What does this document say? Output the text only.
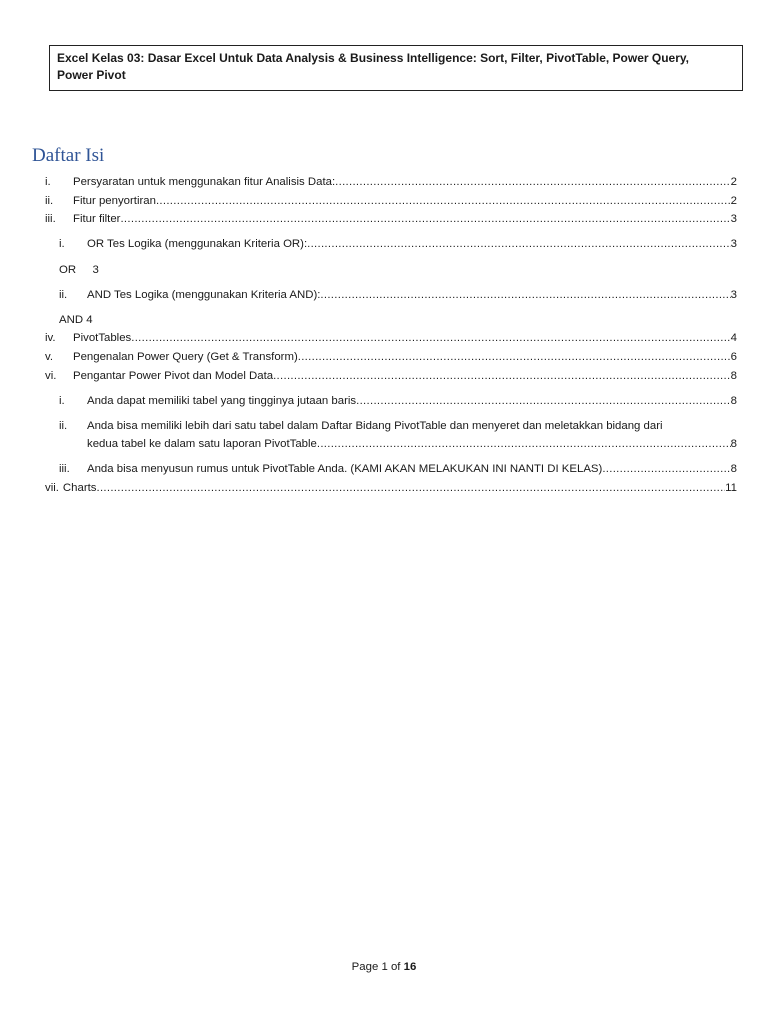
Excel Kelas 03: Dasar Excel Untuk Data Analysis & Business Intelligence: Sort, Filter, PivotTable, Power Query,
Power Pivot
Daftar Isi
i.	Persyaratan untuk menggunakan fitur Analisis Data: .....	2
ii.	Fitur penyortiran .....	2
iii.	Fitur filter .....	3
i.	OR Tes Logika (menggunakan Kriteria OR): .....	3
OR 3
ii.	AND Tes Logika (menggunakan Kriteria AND): .....	3
AND 4
iv.	PivotTables .....	4
v.	Pengenalan Power Query (Get & Transform) .....	6
vi.	Pengantar Power Pivot dan Model Data .....	8
i.	Anda dapat memiliki tabel yang tingginya jutaan baris .....	8
ii. Anda bisa memiliki lebih dari satu tabel dalam Daftar Bidang PivotTable dan menyeret dan meletakkan bidang dari
kedua tabel ke dalam satu laporan PivotTable .....	8
iii.	Anda bisa menyusun rumus untuk PivotTable Anda. (KAMI AKAN MELAKUKAN INI NANTI DI KELAS) .....	8
vii. Charts .....	11
Page 1 of 16
